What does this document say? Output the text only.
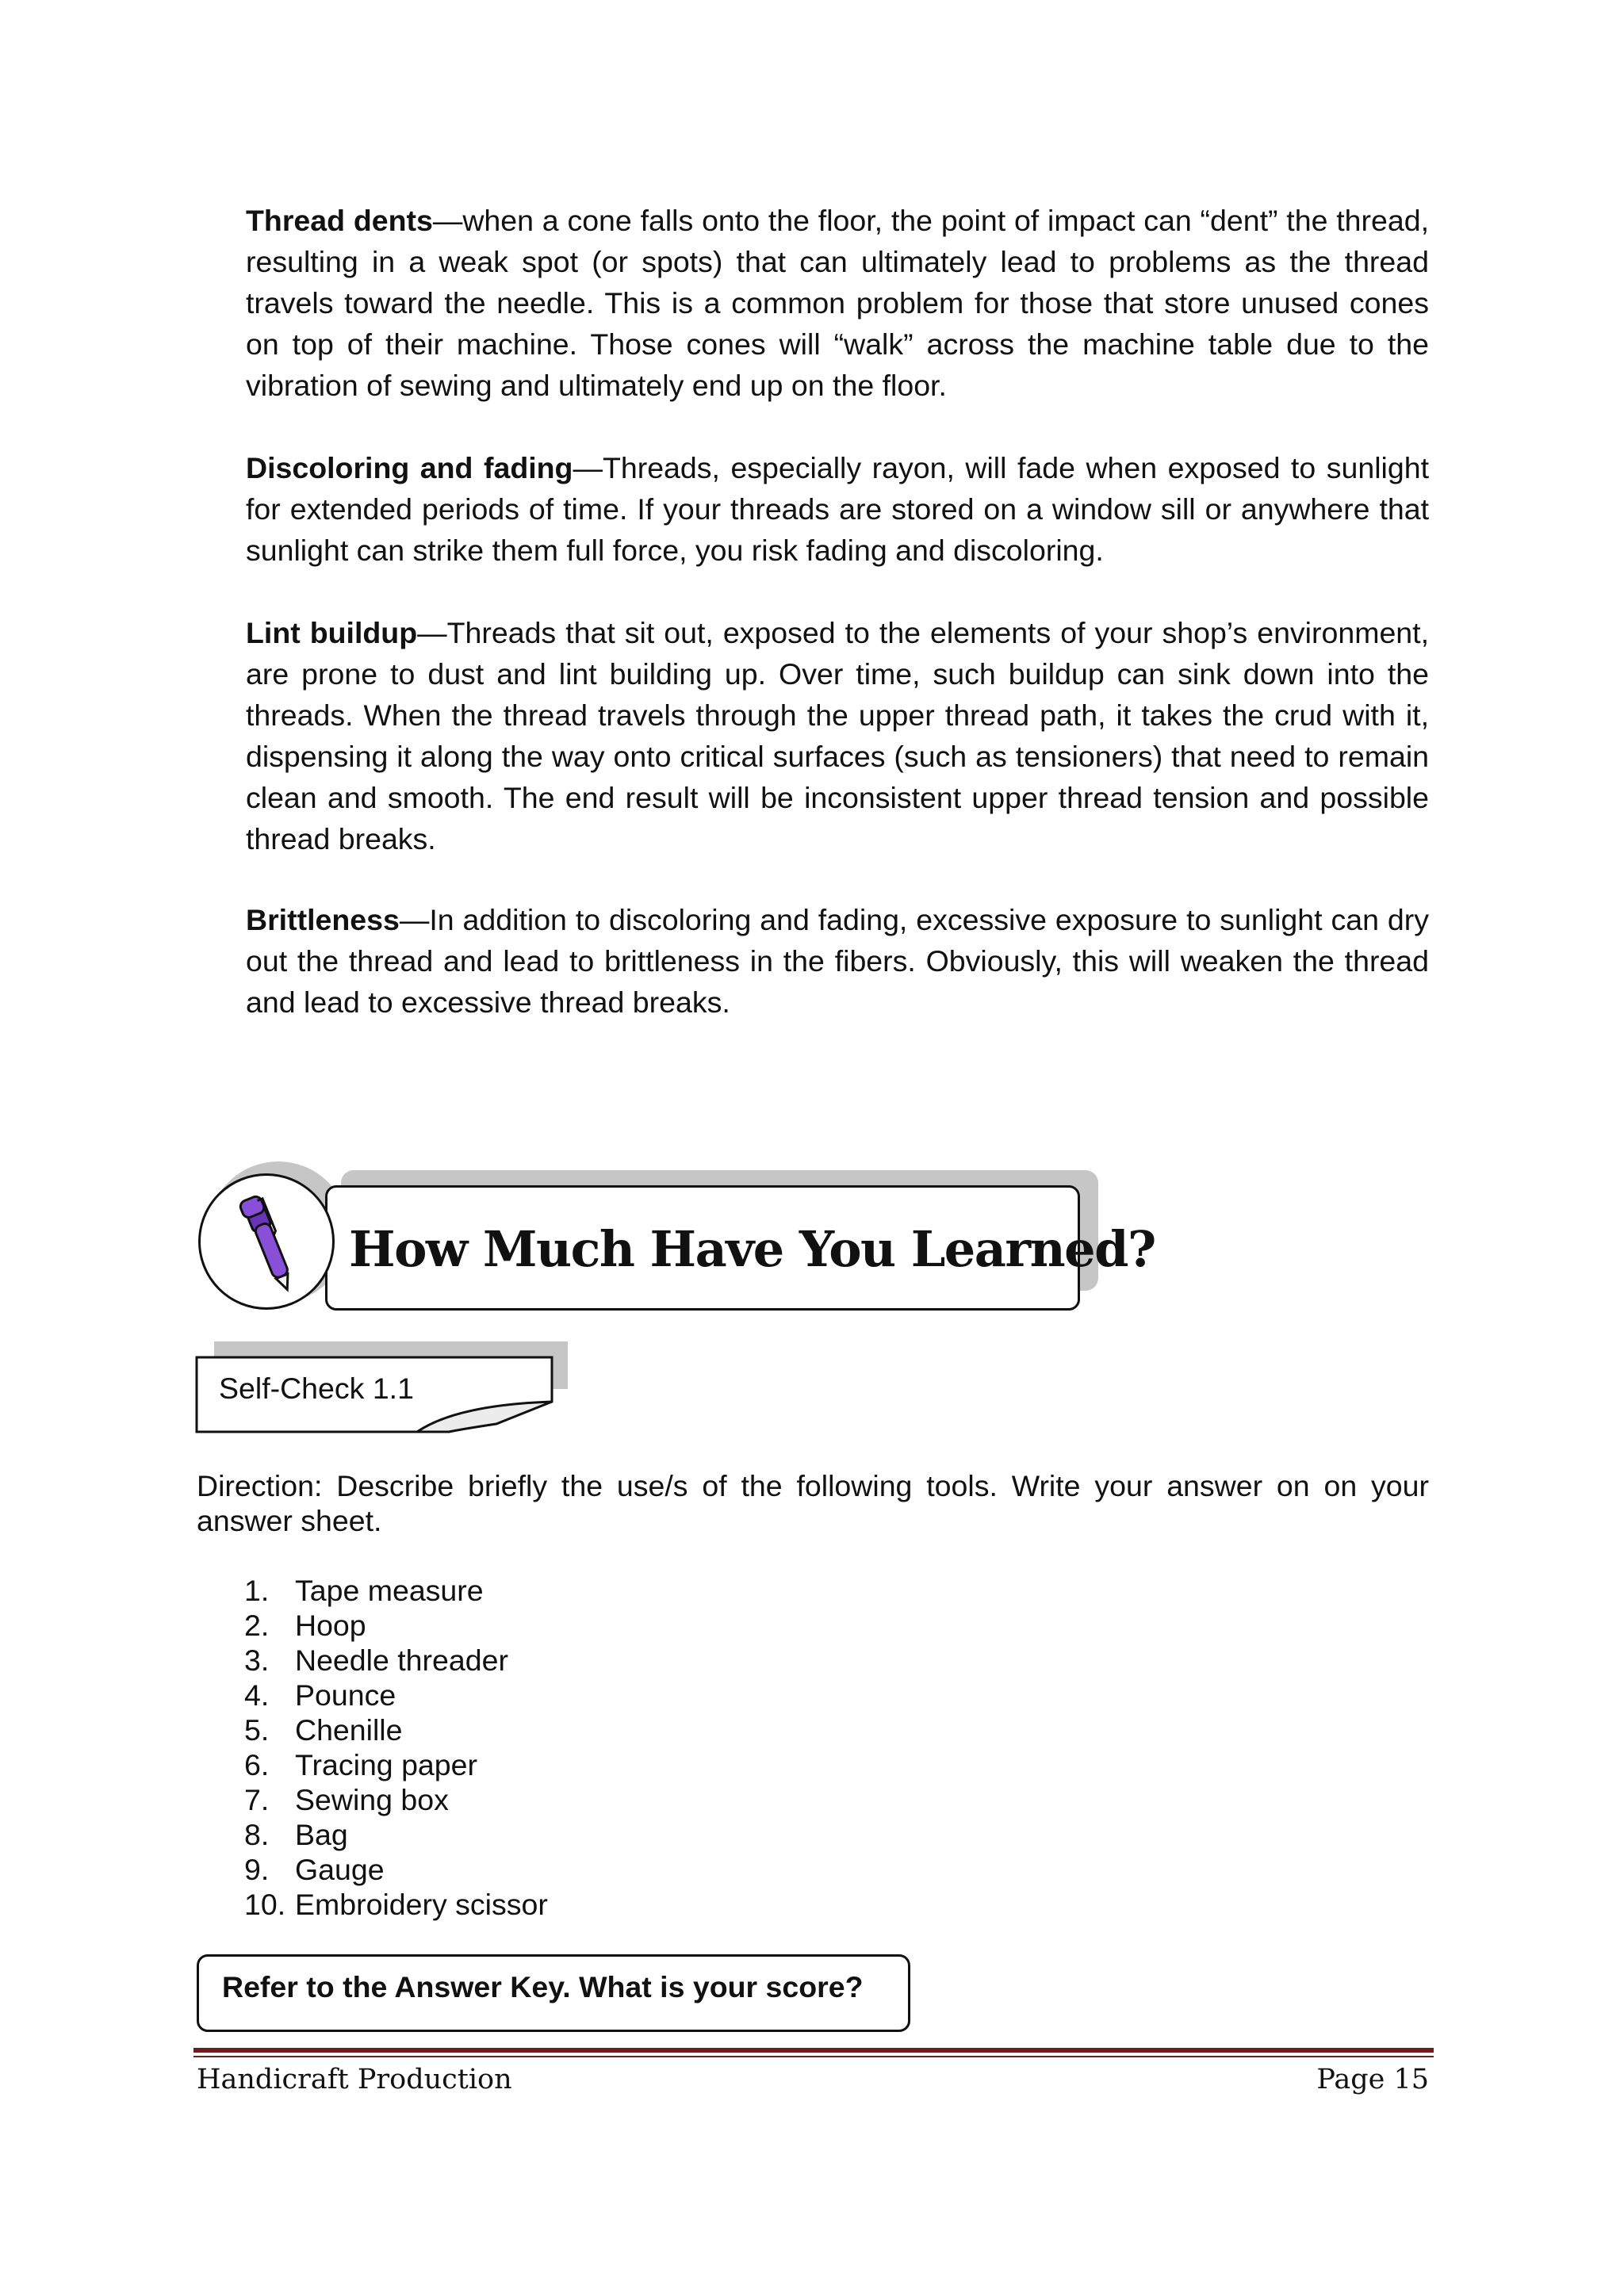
Thread dents—when a cone falls onto the floor, the point of impact can “dent” the thread, resulting in a weak spot (or spots) that can ultimately lead to problems as the thread travels toward the needle. This is a common problem for those that store unused cones on top of their machine. Those cones will “walk” across the machine table due to the vibration of sewing and ultimately end up on the floor.
Discoloring and fading—Threads, especially rayon, will fade when exposed to sunlight for extended periods of time. If your threads are stored on a window sill or anywhere that sunlight can strike them full force, you risk fading and discoloring.
Lint buildup—Threads that sit out, exposed to the elements of your shop’s environment, are prone to dust and lint building up. Over time, such buildup can sink down into the threads. When the thread travels through the upper thread path, it takes the crud with it, dispensing it along the way onto critical surfaces (such as tensioners) that need to remain clean and smooth. The end result will be inconsistent upper thread tension and possible thread breaks.
Brittleness—In addition to discoloring and fading, excessive exposure to sunlight can dry out the thread and lead to brittleness in the fibers. Obviously, this will weaken the thread and lead to excessive thread breaks.
How Much Have You Learned?
Self-Check 1.1
Direction: Describe briefly the use/s of the following tools. Write your answer on on your answer sheet.
1. Tape measure
2. Hoop
3. Needle threader
4. Pounce
5. Chenille
6. Tracing paper
7. Sewing box
8. Bag
9. Gauge
10. Embroidery scissor
Refer to the Answer Key. What is your score?
Handicraft Production	Page 15
